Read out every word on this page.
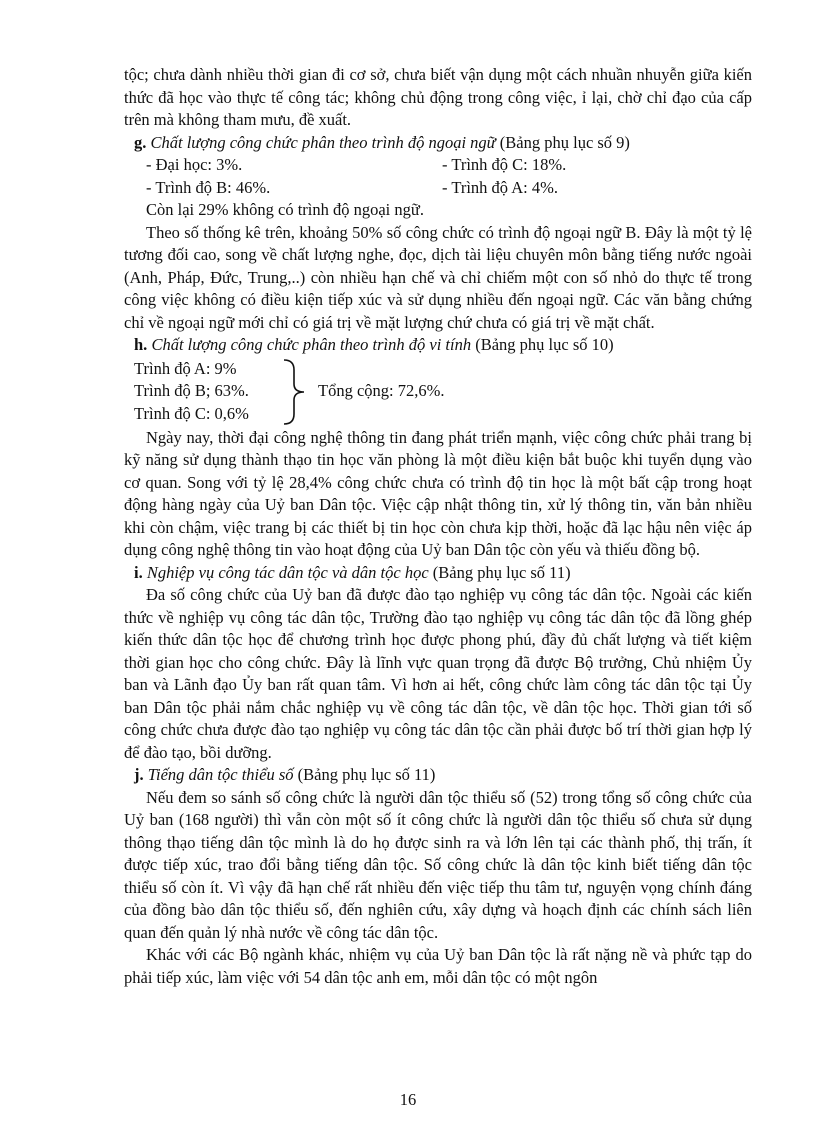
tộc; chưa dành nhiều thời gian đi cơ sở, chưa biết vận dụng một cách nhuần nhuyễn giữa kiến thức đã học vào thực tế công tác; không chủ động trong công việc, ỉ lại, chờ chỉ đạo của cấp trên mà không tham mưu, đề xuất.

g. Chất lượng công chức phân theo trình độ ngoại ngữ (Bảng phụ lục số 9)

- Đại học: 3%.	- Trình độ C: 18%.
- Trình độ B: 46%.	- Trình độ A: 4%.

Còn lại 29% không có trình độ ngoại ngữ.

Theo số thống kê trên, khoảng 50% số công chức có trình độ ngoại ngữ B. Đây là một tỷ lệ tương đối cao, song về chất lượng nghe, đọc, dịch tài liệu chuyên môn bằng tiếng nước ngoài (Anh, Pháp, Đức, Trung,..) còn nhiều hạn chế và chỉ chiếm một con số nhỏ do thực tế trong công việc không có điều kiện tiếp xúc và sử dụng nhiều đến ngoại ngữ. Các văn bằng chứng chỉ về ngoại ngữ mới chỉ có giá trị về mặt lượng chứ chưa có giá trị về mặt chất.

h. Chất lượng công chức phân theo trình độ vi tính (Bảng phụ lục số 10)

Trình độ A: 9%
Trình độ B; 63%.
Trình độ C: 0,6%
Tổng cộng: 72,6%.

Ngày nay, thời đại công nghệ thông tin đang phát triển mạnh, việc công chức phải trang bị kỹ năng sử dụng thành thạo tin học văn phòng là một điều kiện bắt buộc khi tuyển dụng vào cơ quan. Song với tỷ lệ 28,4% công chức chưa có trình độ tin học là một bất cập trong hoạt động hàng ngày của Uỷ ban Dân tộc. Việc cập nhật thông tin, xử lý thông tin, văn bản nhiều khi còn chậm, việc trang bị các thiết bị tin học còn chưa kịp thời, hoặc đã lạc hậu nên việc áp dụng công nghệ thông tin vào hoạt động của Uỷ ban Dân tộc còn yếu và thiếu đồng bộ.

i. Nghiệp vụ công tác dân tộc và dân tộc học (Bảng phụ lục số 11)

Đa số công chức của Uỷ ban đã được đào tạo nghiệp vụ công tác dân tộc. Ngoài các kiến thức về nghiệp vụ công tác dân tộc, Trường đào tạo nghiệp vụ công tác dân tộc đã lồng ghép kiến thức dân tộc học để chương trình học được phong phú, đầy đủ chất lượng và tiết kiệm thời gian học cho công chức. Đây là lĩnh vực quan trọng đã được Bộ trưởng, Chủ nhiệm Ủy ban và Lãnh đạo Ủy ban rất quan tâm. Vì hơn ai hết, công chức làm công tác dân tộc tại Ủy ban Dân tộc phải nắm chắc nghiệp vụ về công tác dân tộc, về dân tộc học. Thời gian tới số công chức chưa được đào tạo nghiệp vụ công tác dân tộc cần phải được bố trí thời gian hợp lý để đào tạo, bồi dưỡng.

j. Tiếng dân tộc thiểu số (Bảng phụ lục số 11)

Nếu đem so sánh số công chức là người dân tộc thiểu số (52) trong tổng số công chức của Uỷ ban (168 người) thì vẫn còn một số ít công chức là người dân tộc thiểu số chưa sử dụng thông thạo tiếng dân tộc mình là do họ được sinh ra và lớn lên tại các thành phố, thị trấn, ít được tiếp xúc, trao đổi bằng tiếng dân tộc. Số công chức là dân tộc kinh biết tiếng dân tộc thiểu số còn ít. Vì vậy đã hạn chế rất nhiều đến việc tiếp thu tâm tư, nguyện vọng chính đáng của đồng bào dân tộc thiểu số, đến nghiên cứu, xây dựng và hoạch định các chính sách liên quan đến quản lý nhà nước về công tác dân tộc.

Khác với các Bộ ngành khác, nhiệm vụ của Uỷ ban Dân tộc là rất nặng nề và phức tạp do phải tiếp xúc, làm việc với 54 dân tộc anh em, mỗi dân tộc có một ngôn

16
